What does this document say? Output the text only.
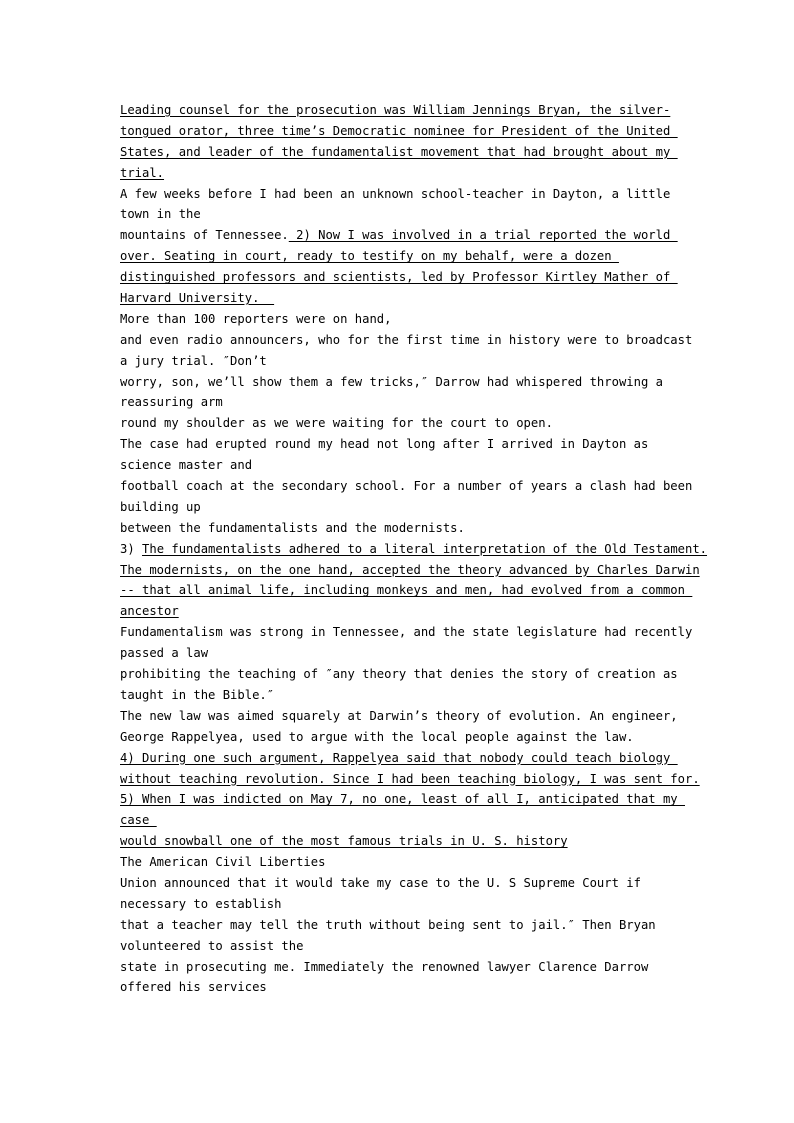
Leading counsel for the prosecution was William Jennings Bryan, the silver-
tongued orator, three time’s Democratic nominee for President of the United
States, and leader of the fundamentalist movement that had brought about my
trial.
A few weeks before I had been an unknown school-teacher in Dayton, a little
town in the
mountains of Tennessee. 2) Now I was involved in a trial reported the world
over. Seating in court, ready to testify on my behalf, were a dozen
distinguished professors and scientists, led by Professor Kirtley Mather of
Harvard University.
More than 100 reporters were on hand,
and even radio announcers, who for the first time in history were to broadcast
a jury trial. ″Don’t
worry, son, we’ll show them a few tricks,″ Darrow had whispered throwing a
reassuring arm
round my shoulder as we were waiting for the court to open.
The case had erupted round my head not long after I arrived in Dayton as
science master and
football coach at the secondary school. For a number of years a clash had been
building up
between the fundamentalists and the modernists.
3) The fundamentalists adhered to a literal interpretation of the Old Testament.
The modernists, on the one hand, accepted the theory advanced by Charles Darwin
-- that all animal life, including monkeys and men, had evolved from a common
ancestor
Fundamentalism was strong in Tennessee, and the state legislature had recently
passed a law
prohibiting the teaching of ″any theory that denies the story of creation as
taught in the Bible.″
The new law was aimed squarely at Darwin’s theory of evolution. An engineer,
George Rappelyea, used to argue with the local people against the law.
4) During one such argument, Rappelyea said that nobody could teach biology
without teaching revolution. Since I had been teaching biology, I was sent for.
5) When I was indicted on May 7, no one, least of all I, anticipated that my
case
would snowball one of the most famous trials in U. S. history
The American Civil Liberties
Union announced that it would take my case to the U. S Supreme Court if
necessary to establish
that a teacher may tell the truth without being sent to jail.″ Then Bryan
volunteered to assist the
state in prosecuting me. Immediately the renowned lawyer Clarence Darrow
offered his services
